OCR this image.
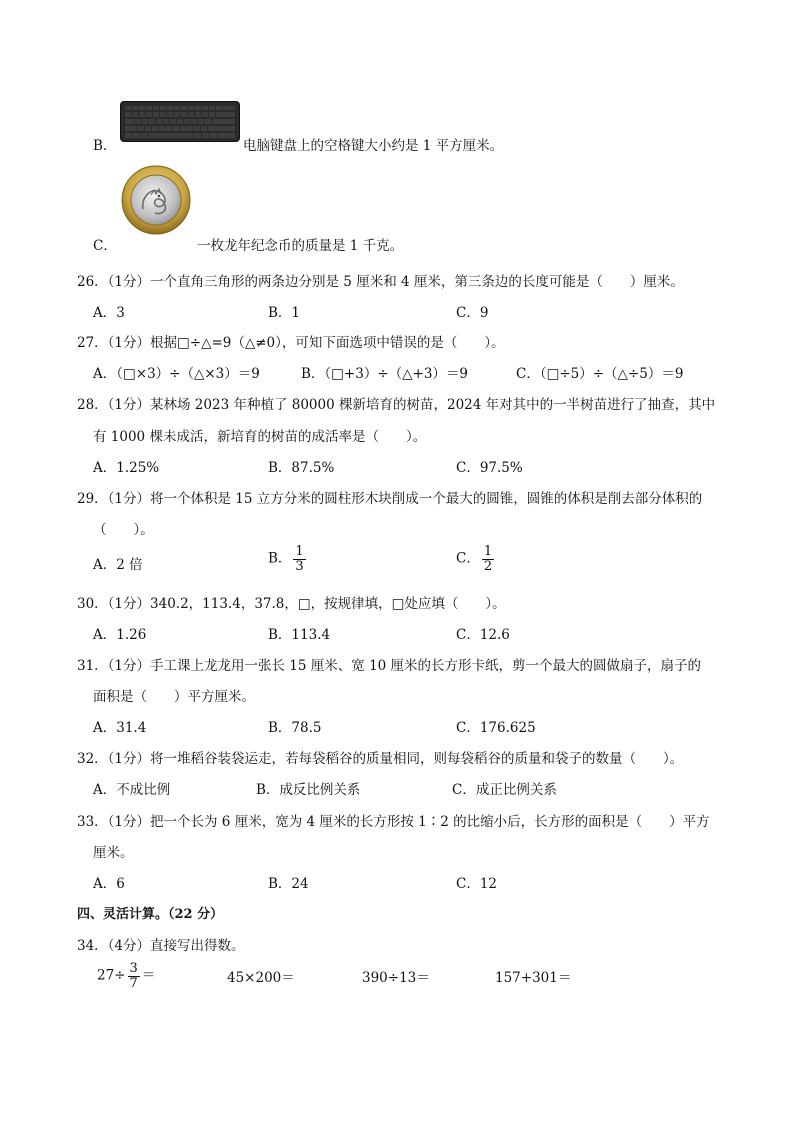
B．	电脑键盘上的空格键大小约是 1 平方厘米。
C．	一枚龙年纪念币的质量是 1 千克。
26．（1分）一个直角三角形的两条边分别是 5 厘米和 4 厘米，第三条边的长度可能是（　　）厘米。
A．3	B．1	C．9
27．（1分）根据□÷△=9（△≠0），可知下面选项中错误的是（　　）。
A．（□×3）÷（△×3）＝9	B．（□+3）÷（△+3）＝9	C．（□÷5）÷（△÷5）＝9
28．（1分）某林场 2023 年种植了 80000 棵新培育的树苗，2024 年对其中的一半树苗进行了抽查，其中
有 1000 棵未成活，新培育的树苗的成活率是（　　）。
A．1.25%	B．87.5%	C．97.5%
29．（1分）将一个体积是 15 立方分米的圆柱形木块削成一个最大的圆锥，圆锥的体积是削去部分体积的
（　　）。
A．2 倍	B． $\frac{1}{3}$	C． $\frac{1}{2}$
30．（1分）340.2，113.4，37.8，□，按规律填，□处应填（　　）。
A．1.26	B．113.4	C．12.6
31．（1分）手工课上龙龙用一张长 15 厘米、宽 10 厘米的长方形卡纸，剪一个最大的圆做扇子，扇子的
面积是（　　）平方厘米。
A．31.4	B．78.5	C．176.625
32．（1分）将一堆稻谷装袋运走，若每袋稻谷的质量相同，则每袋稻谷的质量和袋子的数量（　　）。
A．不成比例	B．成反比例关系	C．成正比例关系
33．（1分）把一个长为 6 厘米，宽为 4 厘米的长方形按 1∶2 的比缩小后，长方形的面积是（　　）平方
厘米。
A．6	B．24	C．12
四、灵活计算。（22 分）
34．（4分）直接写出得数。
$27\div \frac{3}{7}$ ＝	45×200＝	390÷13＝	157+301＝
